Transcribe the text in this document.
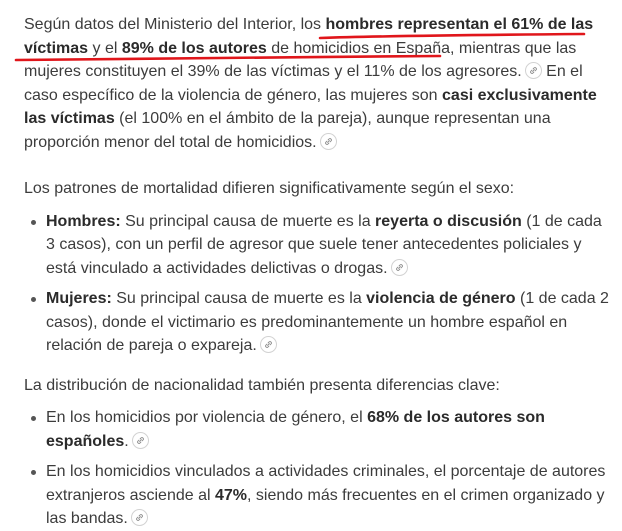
Según datos del Ministerio del Interior, los hombres representan el 61% de las víctimas y el 89% de los autores de homicidios en España, mientras que las mujeres constituyen el 39% de las víctimas y el 11% de los agresores.
En el caso específico de la violencia de género, las mujeres son casi exclusivamente las víctimas (el 100% en el ámbito de la pareja), aunque representan una proporción menor del total de homicidios.

Los patrones de mortalidad difieren significativamente según el sexo:

Hombres: Su principal causa de muerte es la reyerta o discusión (1 de cada 3 casos), con un perfil de agresor que suele tener antecedentes policiales y está vinculado a actividades delictivas o drogas.
Mujeres: Su principal causa de muerte es la violencia de género (1 de cada 2 casos), donde el victimario es predominantemente un hombre español en relación de pareja o expareja.

La distribución de nacionalidad también presenta diferencias clave:

En los homicidios por violencia de género, el 68% de los autores son españoles.
En los homicidios vinculados a actividades criminales, el porcentaje de autores extranjeros asciende al 47%, siendo más frecuentes en el crimen organizado y las bandas.
